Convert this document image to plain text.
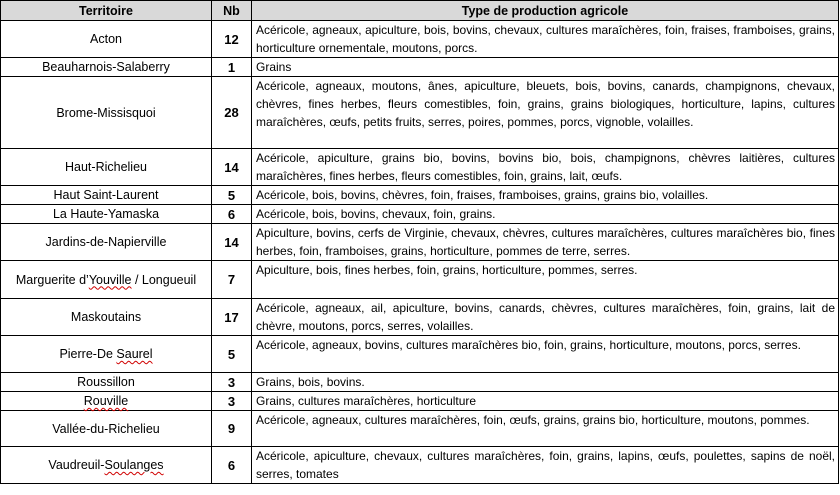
Territoire	Nb	Type de production agricole
Acton	12	Acéricole, agneaux, apiculture, bois, bovins, chevaux, cultures maraîchères, foin, fraises, framboises, grains, horticulture ornementale, moutons, porcs.
Beauharnois-Salaberry	1	Grains
Brome-Missisquoi	28	Acéricole, agneaux, moutons, ânes, apiculture, bleuets, bois, bovins, canards, champignons, chevaux, chèvres, fines herbes, fleurs comestibles, foin, grains, grains biologiques, horticulture, lapins, cultures maraîchères, œufs, petits fruits, serres, poires, pommes, porcs, vignoble, volailles.
Haut-Richelieu	14	Acéricole, apiculture, grains bio, bovins, bovins bio, bois, champignons, chèvres laitières, cultures maraîchères, fines herbes, fleurs comestibles, foin, grains, lait, œufs.
Haut Saint-Laurent	5	Acéricole, bois, bovins, chèvres, foin, fraises, framboises, grains, grains bio, volailles.
La Haute-Yamaska	6	Acéricole, bois, bovins, chevaux, foin, grains.
Jardins-de-Napierville	14	Apiculture, bovins, cerfs de Virginie, chevaux, chèvres, cultures maraîchères, cultures maraîchères bio, fines herbes, foin, framboises, grains, horticulture, pommes de terre, serres.
Marguerite d’Youville / Longueuil	7	Apiculture, bois, fines herbes, foin, grains, horticulture, pommes, serres.
Maskoutains	17	Acéricole, agneaux, ail, apiculture, bovins, canards, chèvres, cultures maraîchères, foin, grains, lait de chèvre, moutons, porcs, serres, volailles.
Pierre-De Saurel	5	Acéricole, agneaux, bovins, cultures maraîchères bio, foin, grains, horticulture, moutons, porcs, serres.
Roussillon	3	Grains, bois, bovins.
Rouville	3	Grains, cultures maraîchères, horticulture
Vallée-du-Richelieu	9	Acéricole, agneaux, cultures maraîchères, foin, œufs, grains, grains bio, horticulture, moutons, pommes.
Vaudreuil-Soulanges	6	Acéricole, apiculture, chevaux, cultures maraîchères, foin, grains, lapins, œufs, poulettes, sapins de noël, serres, tomates
